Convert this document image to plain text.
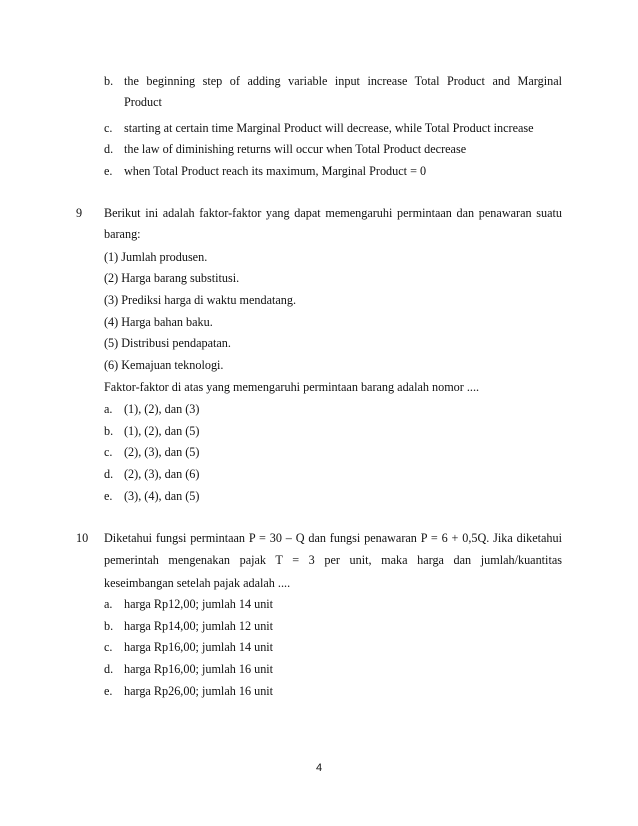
b. the beginning step of adding variable input increase Total Product and Marginal
Product
c. starting at certain time Marginal Product will decrease, while Total Product increase
d. the law of diminishing returns will occur when Total Product decrease
e. when Total Product reach its maximum, Marginal Product = 0
9 Berikut ini adalah faktor-faktor yang dapat memengaruhi permintaan dan penawaran suatu
barang:
(1) Jumlah produsen.
(2) Harga barang substitusi.
(3) Prediksi harga di waktu mendatang.
(4) Harga bahan baku.
(5) Distribusi pendapatan.
(6) Kemajuan teknologi.
Faktor-faktor di atas yang memengaruhi permintaan barang adalah nomor ....
a. (1), (2), dan (3)
b. (1), (2), dan (5)
c. (2), (3), dan (5)
d. (2), (3), dan (6)
e. (3), (4), dan (5)
10 Diketahui fungsi permintaan P = 30 – Q dan fungsi penawaran P = 6 + 0,5Q. Jika diketahui
pemerintah mengenakan pajak T = 3 per unit, maka harga dan jumlah/kuantitas
keseimbangan setelah pajak adalah ....
a. harga Rp12,00; jumlah 14 unit
b. harga Rp14,00; jumlah 12 unit
c. harga Rp16,00; jumlah 14 unit
d. harga Rp16,00; jumlah 16 unit
e. harga Rp26,00; jumlah 16 unit
4
